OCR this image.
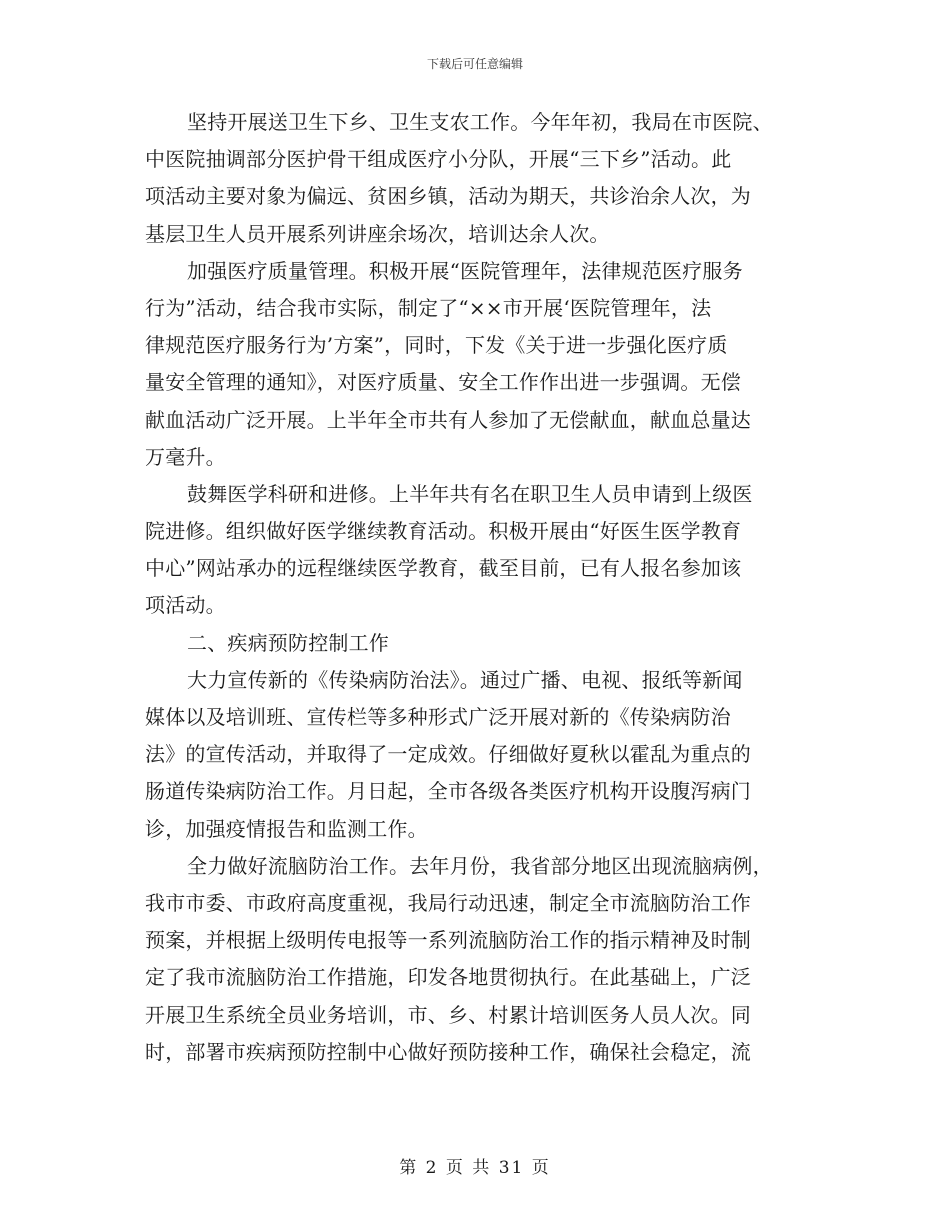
下载后可任意编辑
坚持开展送卫生下乡、卫生支农工作。今年年初，我局在市医院、
中医院抽调部分医护骨干组成医疗小分队，开展“三下乡”活动。此
项活动主要对象为偏远、贫困乡镇，活动为期天，共诊治余人次，为
基层卫生人员开展系列讲座余场次，培训达余人次。
加强医疗质量管理。积极开展“医院管理年，法律规范医疗服务
行为”活动，结合我市实际，制定了“××市开展‘医院管理年，法
律规范医疗服务行为’方案”，同时，下发《关于进一步强化医疗质
量安全管理的通知》，对医疗质量、安全工作作出进一步强调。无偿
献血活动广泛开展。上半年全市共有人参加了无偿献血，献血总量达
万毫升。
鼓舞医学科研和进修。上半年共有名在职卫生人员申请到上级医
院进修。组织做好医学继续教育活动。积极开展由“好医生医学教育
中心”网站承办的远程继续医学教育，截至目前，已有人报名参加该
项活动。
二、疾病预防控制工作
大力宣传新的《传染病防治法》。通过广播、电视、报纸等新闻
媒体以及培训班、宣传栏等多种形式广泛开展对新的《传染病防治
法》的宣传活动，并取得了一定成效。仔细做好夏秋以霍乱为重点的
肠道传染病防治工作。月日起，全市各级各类医疗机构开设腹泻病门
诊，加强疫情报告和监测工作。
全力做好流脑防治工作。去年月份，我省部分地区出现流脑病例，
我市市委、市政府高度重视，我局行动迅速，制定全市流脑防治工作
预案，并根据上级明传电报等一系列流脑防治工作的指示精神及时制
定了我市流脑防治工作措施，印发各地贯彻执行。在此基础上，广泛
开展卫生系统全员业务培训，市、乡、村累计培训医务人员人次。同
时，部署市疾病预防控制中心做好预防接种工作，确保社会稳定，流
第 2 页 共 31 页
